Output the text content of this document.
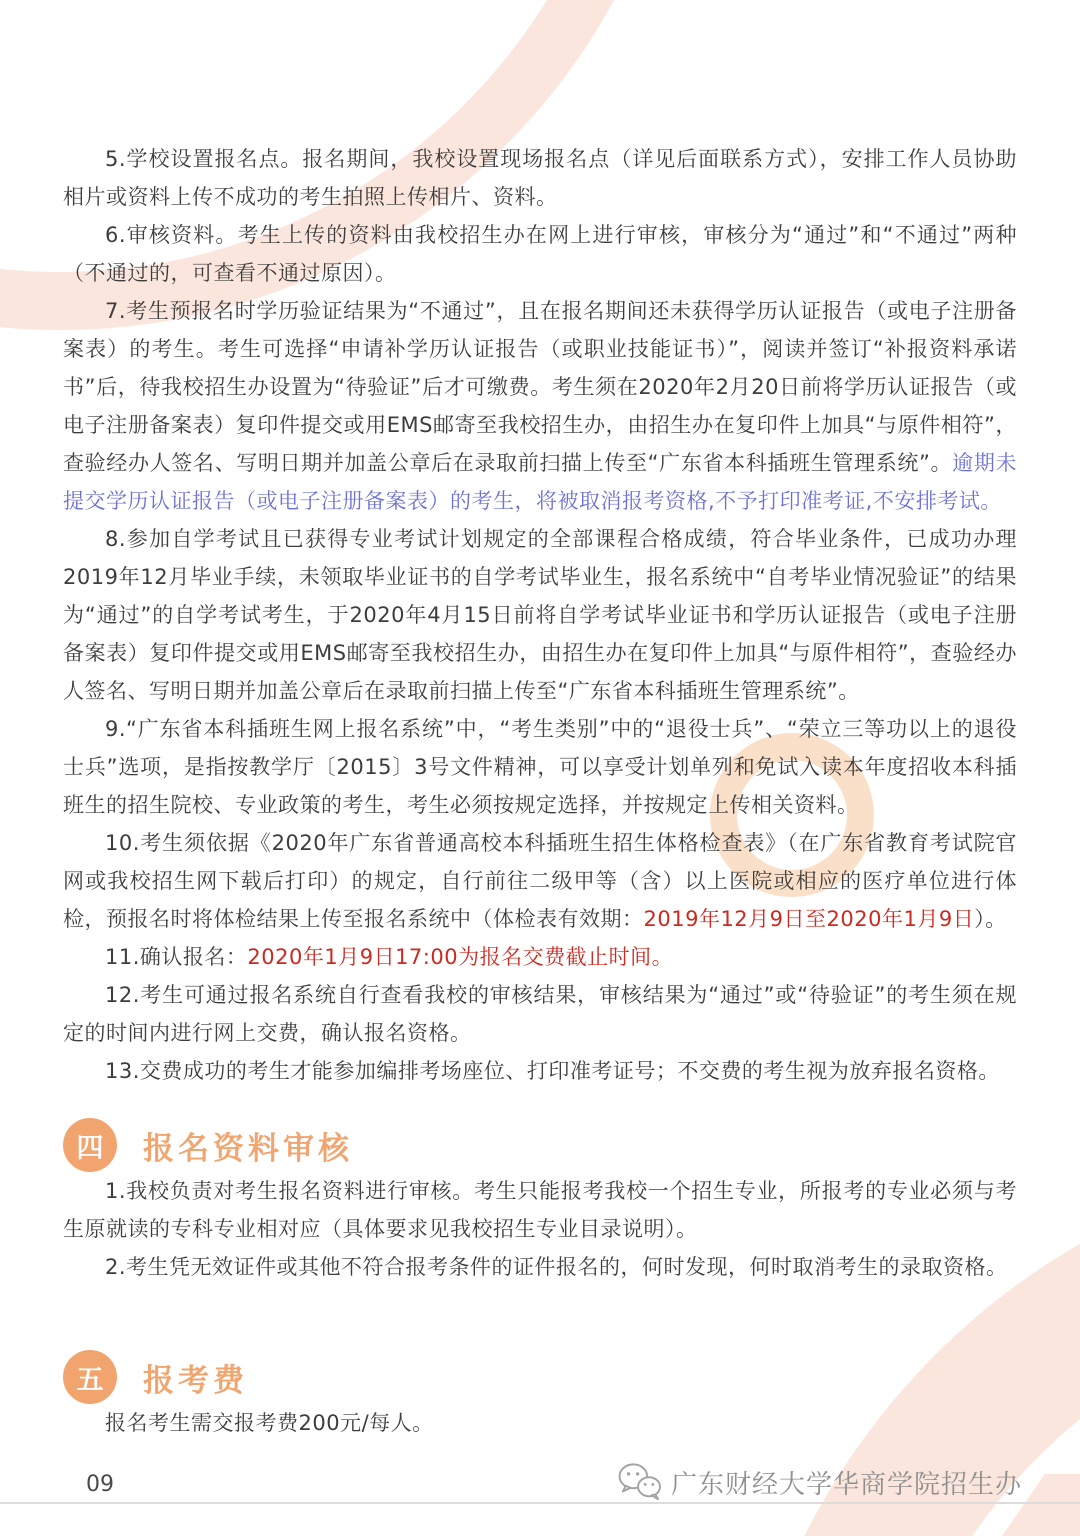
5.学校设置报名点。报名期间，我校设置现场报名点（详见后面联系方式），安排工作人员协助相片或资料上传不成功的考生拍照上传相片、资料。

6.审核资料。考生上传的资料由我校招生办在网上进行审核，审核分为“通过”和“不通过”两种（不通过的，可查看不通过原因）。

7.考生预报名时学历验证结果为“不通过”，且在报名期间还未获得学历认证报告（或电子注册备案表）的考生。考生可选择“申请补学历认证报告（或职业技能证书）”，阅读并签订“补报资料承诺书”后，待我校招生办设置为“待验证”后才可缴费。考生须在2020年2月20日前将学历认证报告（或电子注册备案表）复印件提交或用EMS邮寄至我校招生办，由招生办在复印件上加具“与原件相符”，查验经办人签名、写明日期并加盖公章后在录取前扫描上传至“广东省本科插班生管理系统”。逾期未提交学历认证报告（或电子注册备案表）的考生，将被取消报考资格,不予打印准考证,不安排考试。

8.参加自学考试且已获得专业考试计划规定的全部课程合格成绩，符合毕业条件，已成功办理2019年12月毕业手续，未领取毕业证书的自学考试毕业生，报名系统中“自考毕业情况验证”的结果为“通过”的自学考试考生，于2020年4月15日前将自学考试毕业证书和学历认证报告（或电子注册备案表）复印件提交或用EMS邮寄至我校招生办，由招生办在复印件上加具“与原件相符”，查验经办人签名、写明日期并加盖公章后在录取前扫描上传至“广东省本科插班生管理系统”。

9.“广东省本科插班生网上报名系统”中，“考生类别”中的“退役士兵”、“荣立三等功以上的退役士兵”选项，是指按教学厅〔2015〕3号文件精神，可以享受计划单列和免试入读本年度招收本科插班生的招生院校、专业政策的考生，考生必须按规定选择，并按规定上传相关资料。

10.考生须依据《2020年广东省普通高校本科插班生招生体格检查表》（在广东省教育考试院官网或我校招生网下载后打印）的规定，自行前往二级甲等（含）以上医院或相应的医疗单位进行体检，预报名时将体检结果上传至报名系统中（体检表有效期：2019年12月9日至2020年1月9日）。

11.确认报名：2020年1月9日17:00为报名交费截止时间。

12.考生可通过报名系统自行查看我校的审核结果，审核结果为“通过”或“待验证”的考生须在规定的时间内进行网上交费，确认报名资格。

13.交费成功的考生才能参加编排考场座位、打印准考证号；不交费的考生视为放弃报名资格。

四	报名资料审核

1.我校负责对考生报名资料进行审核。考生只能报考我校一个招生专业，所报考的专业必须与考生原就读的专科专业相对应（具体要求见我校招生专业目录说明）。

2.考生凭无效证件或其他不符合报考条件的证件报名的，何时发现，何时取消考生的录取资格。

五	报考费

报名考生需交报考费200元/每人。

09	广东财经大学华商学院招生办
